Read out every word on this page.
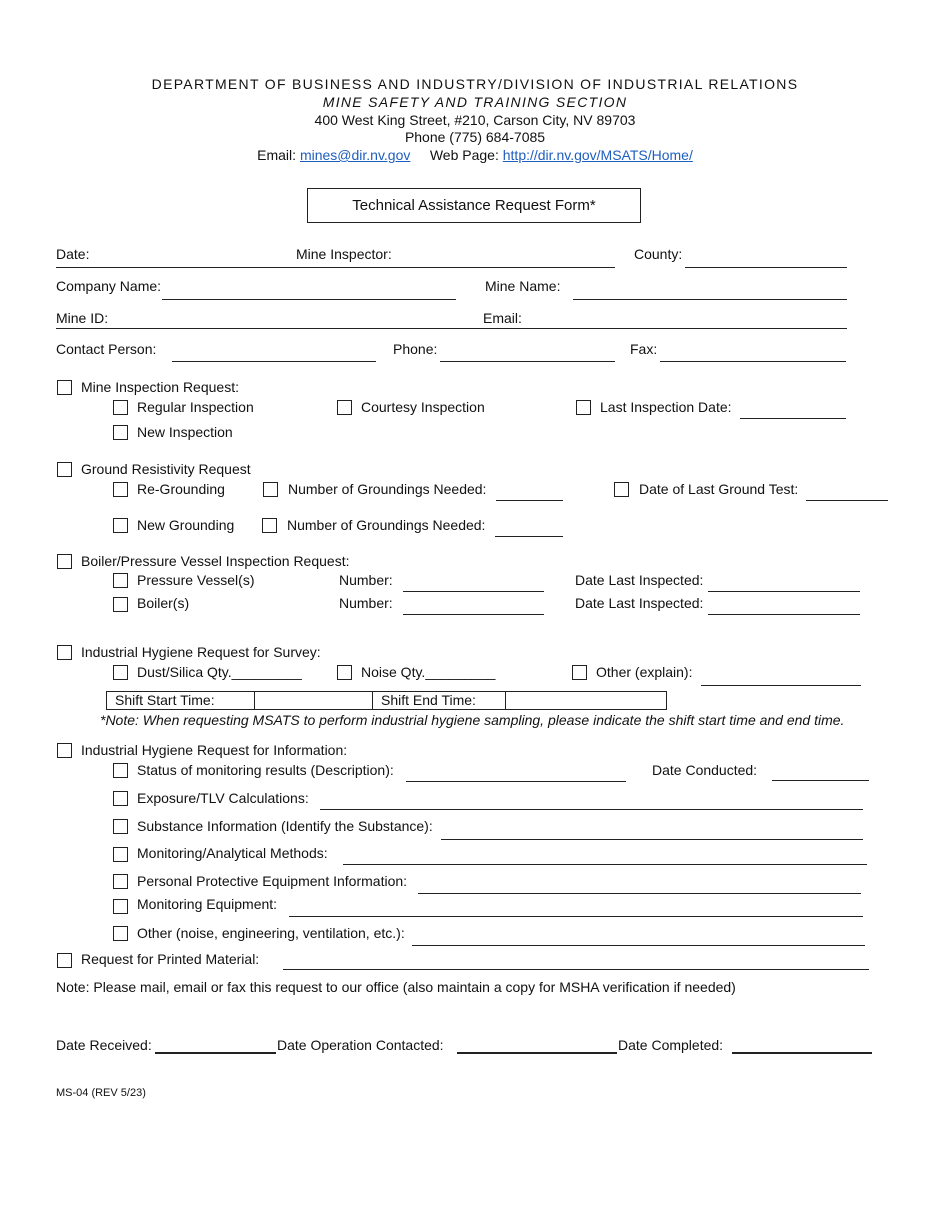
DEPARTMENT OF BUSINESS AND INDUSTRY/DIVISION OF INDUSTRIAL RELATIONS
MINE SAFETY AND TRAINING SECTION
400 West King Street, #210, Carson City, NV 89703
Phone (775) 684-7085
Email: mines@dir.nv.gov Web Page: http://dir.nv.gov/MSATS/Home/
Technical Assistance Request Form*
Date:	Mine Inspector:	County:
Company Name:	Mine Name:
Mine ID:	Email:
Contact Person:	Phone:	Fax:
Mine Inspection Request:
Regular Inspection	Courtesy Inspection	Last Inspection Date:
New Inspection
Ground Resistivity Request
Re-Grounding	Number of Groundings Needed:	Date of Last Ground Test:
New Grounding	Number of Groundings Needed:
Boiler/Pressure Vessel Inspection Request:
Pressure Vessel(s)	Number:	Date Last Inspected:
Boiler(s)	Number:	Date Last Inspected:
Industrial Hygiene Request for Survey:
Dust/Silica Qty._________	Noise Qty._________	Other (explain):
Shift Start Time:		Shift End Time:	
*Note: When requesting MSATS to perform industrial hygiene sampling, please indicate the shift start time and end time.
Industrial Hygiene Request for Information:
Status of monitoring results (Description):	Date Conducted:
Exposure/TLV Calculations:
Substance Information (Identify the Substance):
Monitoring/Analytical Methods:
Personal Protective Equipment Information:
Monitoring Equipment:
Other (noise, engineering, ventilation, etc.):
Request for Printed Material:
Note: Please mail, email or fax this request to our office (also maintain a copy for MSHA verification if needed)
Date Received:	Date Operation Contacted:	Date Completed:
MS-04 (REV 5/23)
